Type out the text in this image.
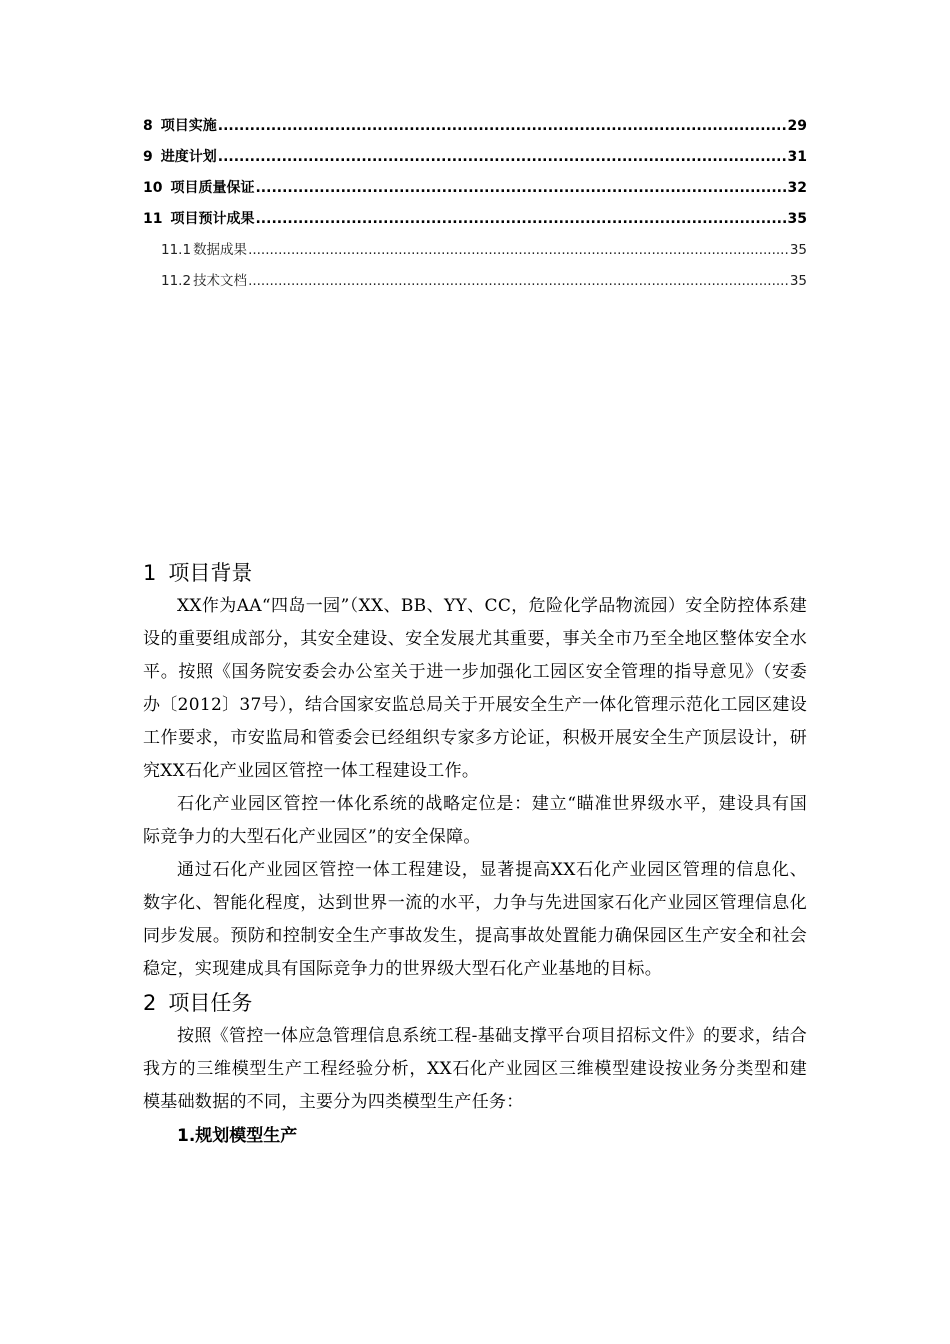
8 项目实施 .....	29
9 进度计划 .....	31
10 项目质量保证 .....	32
11 项目预计成果 .....	35
11.1 数据成果 .....	35
11.2 技术文档 .....	35
1 项目背景

XX作为AA“四岛一园”（XX、BB、YY、CC，危险化学品物流园）安全防控体系建设的重要组成部分，其安全建设、安全发展尤其重要，事关全市乃至全地区整体安全水平。按照《国务院安委会办公室关于进一步加强化工园区安全管理的指导意见》（安委办〔2012〕37号），结合国家安监总局关于开展安全生产一体化管理示范化工园区建设工作要求，市安监局和管委会已经组织专家多方论证，积极开展安全生产顶层设计，研究XX石化产业园区管控一体工程建设工作。

石化产业园区管控一体化系统的战略定位是：建立“瞄准世界级水平，建设具有国际竞争力的大型石化产业园区”的安全保障。

通过石化产业园区管控一体工程建设，显著提高XX石化产业园区管理的信息化、数字化、智能化程度，达到世界一流的水平，力争与先进国家石化产业园区管理信息化同步发展。预防和控制安全生产事故发生，提高事故处置能力确保园区生产安全和社会稳定，实现建成具有国际竞争力的世界级大型石化产业基地的目标。

2 项目任务

按照《管控一体应急管理信息系统工程-基础支撑平台项目招标文件》的要求，结合我方的三维模型生产工程经验分析，XX石化产业园区三维模型建设按业务分类型和建模基础数据的不同，主要分为四类模型生产任务：

1.规划模型生产
